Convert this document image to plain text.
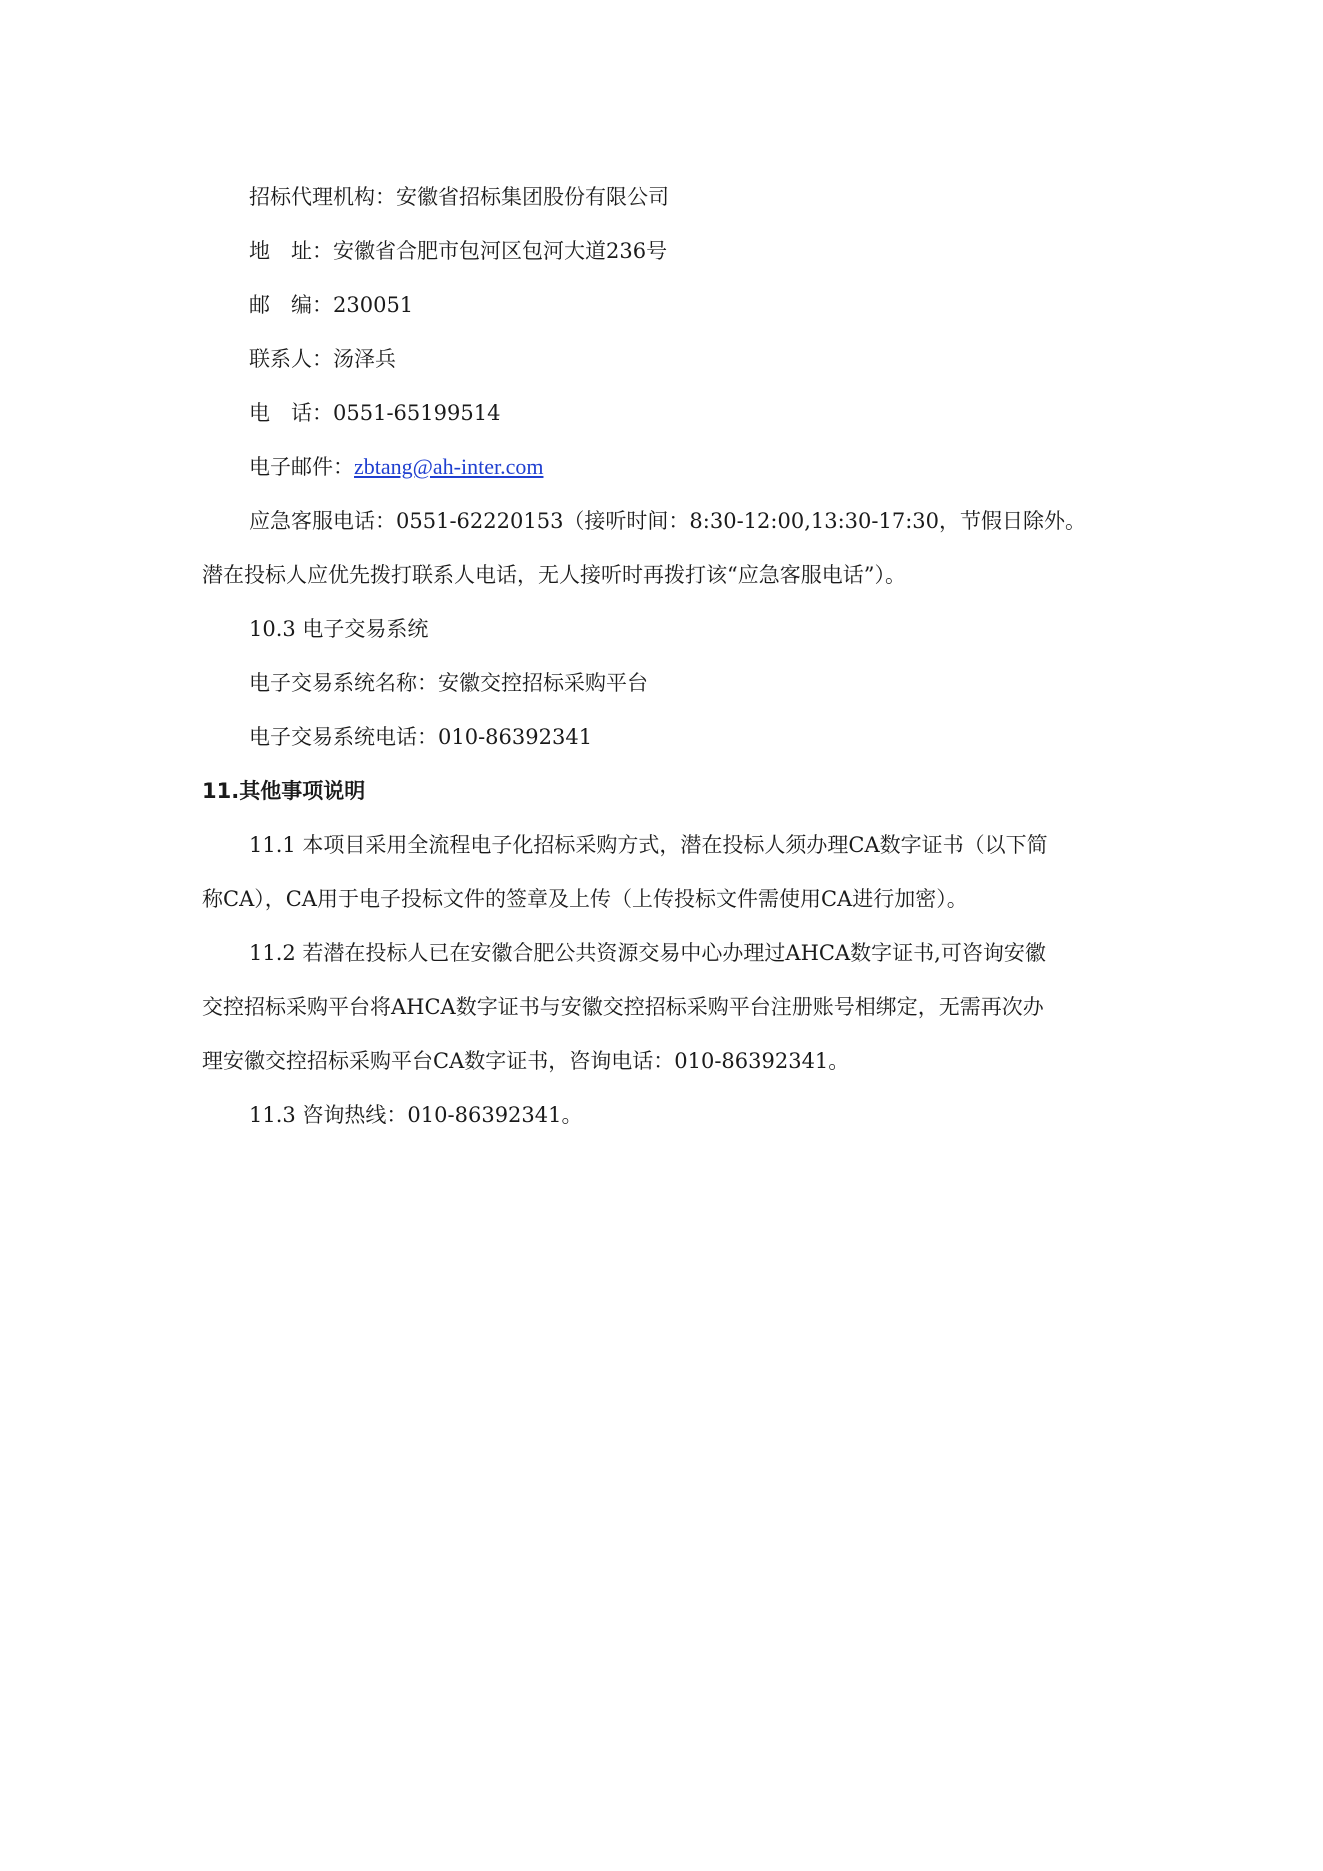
招标代理机构：安徽省招标集团股份有限公司
地　址：安徽省合肥市包河区包河大道236号
邮　编：230051
联系人：汤泽兵
电　话：0551-65199514
电子邮件：zbtang@ah-inter.com
应急客服电话：0551-62220153（接听时间：8:30-12:00,13:30-17:30，节假日除外。
潜在投标人应优先拨打联系人电话，无人接听时再拨打该“应急客服电话”）。
10.3 电子交易系统
电子交易系统名称：安徽交控招标采购平台
电子交易系统电话：010-86392341
11.其他事项说明
11.1 本项目采用全流程电子化招标采购方式，潜在投标人须办理CA数字证书（以下简
称CA），CA用于电子投标文件的签章及上传（上传投标文件需使用CA进行加密）。
11.2 若潜在投标人已在安徽合肥公共资源交易中心办理过AHCA数字证书,可咨询安徽
交控招标采购平台将AHCA数字证书与安徽交控招标采购平台注册账号相绑定，无需再次办
理安徽交控招标采购平台CA数字证书，咨询电话：010-86392341。
11.3 咨询热线：010-86392341。
